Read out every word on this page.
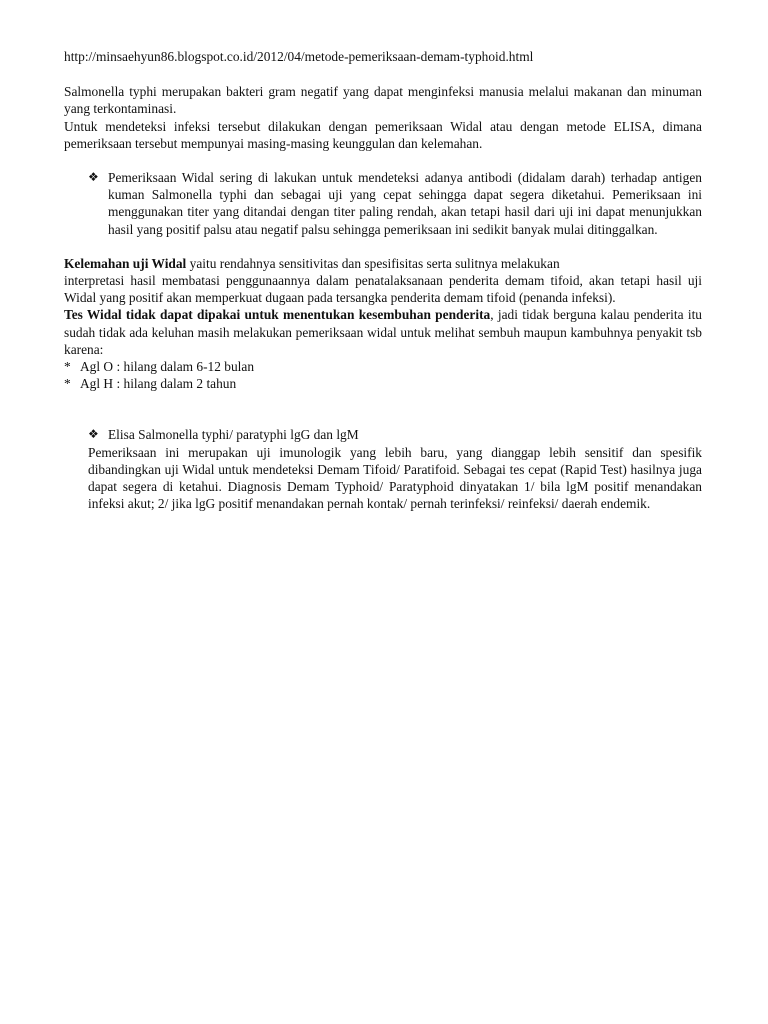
http://minsaehyun86.blogspot.co.id/2012/04/metode-pemeriksaan-demam-typhoid.html

Salmonella typhi merupakan bakteri gram negatif yang dapat menginfeksi manusia melalui makanan dan minuman yang terkontaminasi.

Untuk mendeteksi infeksi tersebut dilakukan dengan pemeriksaan Widal atau dengan metode ELISA, dimana pemeriksaan tersebut mempunyai masing-masing keunggulan dan kelemahan.

❖ Pemeriksaan Widal sering di lakukan untuk mendeteksi adanya antibodi (didalam darah) terhadap antigen kuman Salmonella typhi dan sebagai uji yang cepat sehingga dapat segera diketahui. Pemeriksaan ini menggunakan titer yang ditandai dengan titer paling rendah, akan tetapi hasil dari uji ini dapat menunjukkan hasil yang positif palsu atau negatif palsu sehingga pemeriksaan ini sedikit banyak mulai ditinggalkan.

Kelemahan uji Widal yaitu rendahnya sensitivitas dan spesifisitas serta sulitnya melakukan

interpretasi hasil membatasi penggunaannya dalam penatalaksanaan penderita demam tifoid, akan tetapi hasil uji Widal yang positif akan memperkuat dugaan pada tersangka penderita demam tifoid (penanda infeksi).

Tes Widal tidak dapat dipakai untuk menentukan kesembuhan penderita, jadi tidak berguna kalau penderita itu sudah tidak ada keluhan masih melakukan pemeriksaan widal untuk melihat sembuh maupun kambuhnya penyakit tsb karena:

* Agl O : hilang dalam 6-12 bulan

* Agl H : hilang dalam 2 tahun

❖ Elisa Salmonella typhi/ paratyphi lgG dan lgM

Pemeriksaan ini merupakan uji imunologik yang lebih baru, yang dianggap lebih sensitif dan spesifik dibandingkan uji Widal untuk mendeteksi Demam Tifoid/ Paratifoid. Sebagai tes cepat (Rapid Test) hasilnya juga dapat segera di ketahui. Diagnosis Demam Typhoid/ Paratyphoid dinyatakan 1/ bila lgM positif menandakan infeksi akut; 2/ jika lgG positif menandakan pernah kontak/ pernah terinfeksi/ reinfeksi/ daerah endemik.
